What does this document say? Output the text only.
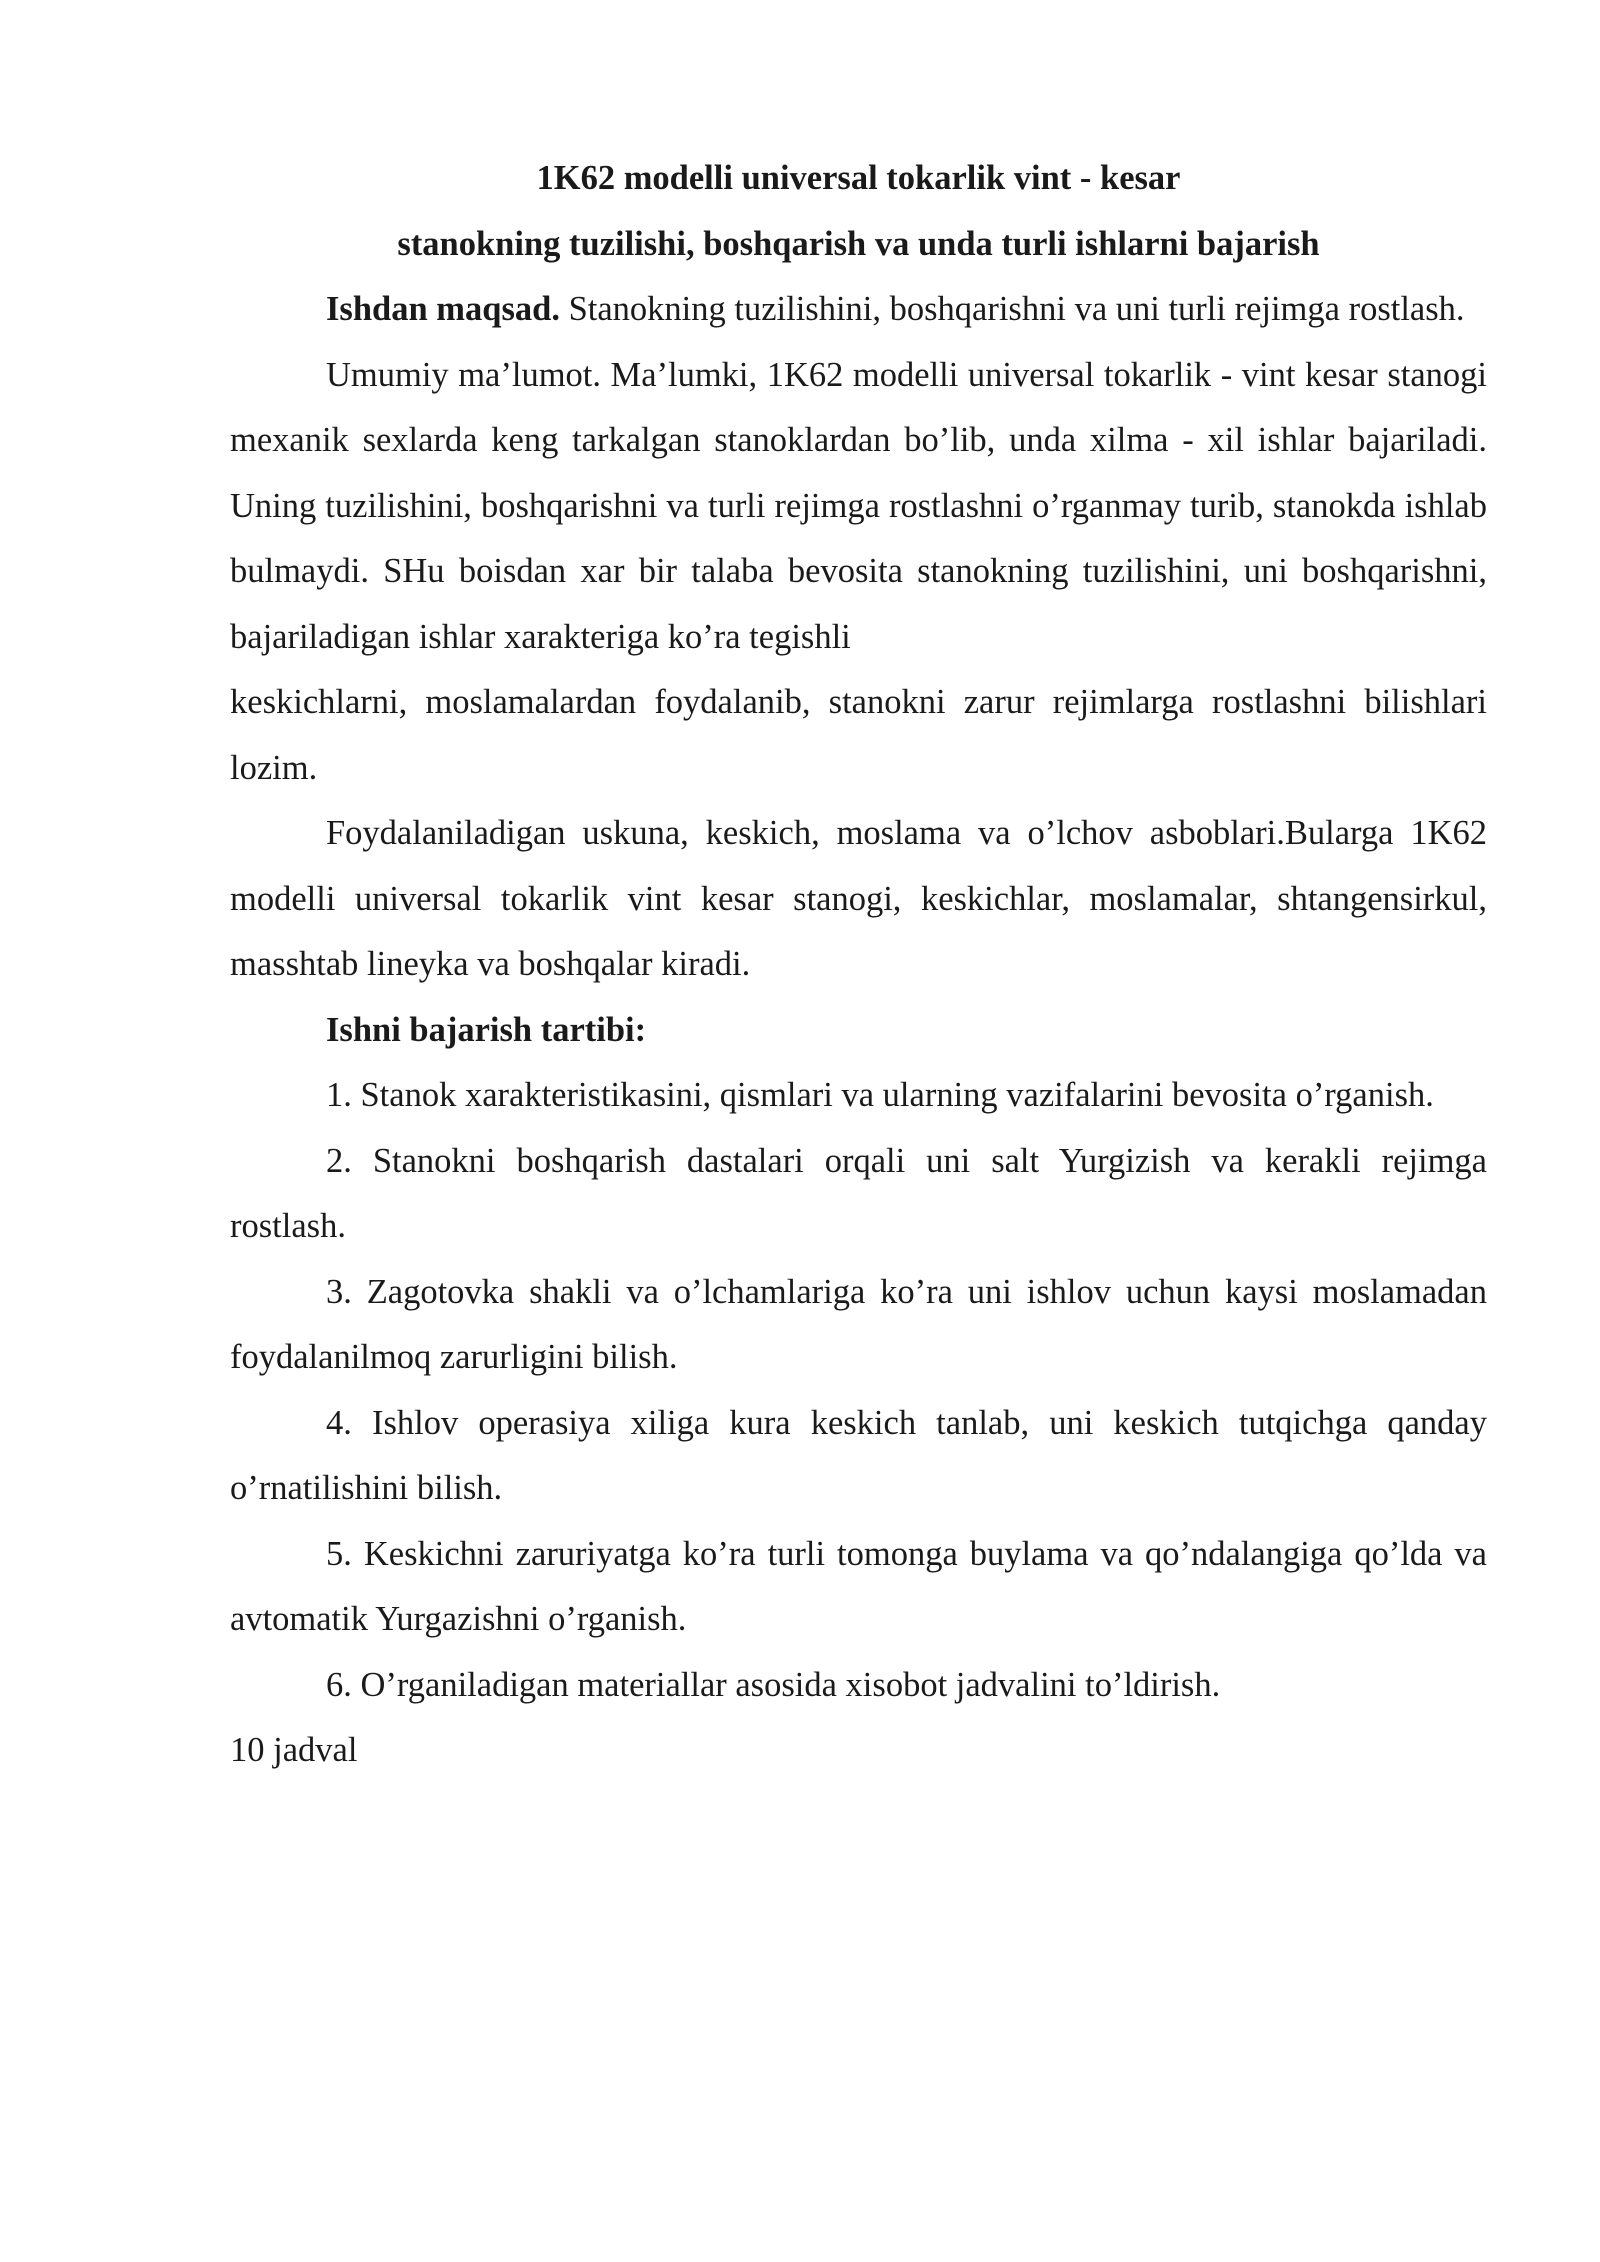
1K62 modelli universal tokarlik vint - kesar

stanokning tuzilishi, boshqarish va unda turli ishlarni bajarish

Ishdan maqsad. Stanokning tuzilishini, boshqarishni va uni turli rejimga rostlash.

Umumiy ma’lumot. Ma’lumki, 1K62 modelli universal tokarlik - vint kesar stanogi mexanik sexlarda keng tarkalgan stanoklardan bo’lib, unda xilma - xil ishlar bajariladi. Uning tuzilishini, boshqarishni va turli rejimga rostlashni o’rganmay turib, stanokda ishlab bulmaydi. SHu boisdan xar bir talaba bevosita stanokning tuzilishini, uni boshqarishni, bajariladigan ishlar xarakteriga ko’ra tegishli

keskichlarni, moslamalardan foydalanib, stanokni zarur rejimlarga rostlashni bilishlari lozim.

Foydalaniladigan uskuna, keskich, moslama va o’lchov asboblari.Bularga 1K62 modelli universal tokarlik vint kesar stanogi, keskichlar, moslamalar, shtangensirkul, masshtab lineyka va boshqalar kiradi.

Ishni bajarish tartibi:

1. Stanok xarakteristikasini, qismlari va ularning vazifalarini bevosita o’rganish.

2. Stanokni boshqarish dastalari orqali uni salt Yurgizish va kerakli rejimga rostlash.

3. Zagotovka shakli va o’lchamlariga ko’ra uni ishlov uchun kaysi moslamadan foydalanilmoq zarurligini bilish.

4. Ishlov operasiya xiliga kura keskich tanlab, uni keskich tutqichga qanday o’rnatilishini bilish.

5. Keskichni zaruriyatga ko’ra turli tomonga buylama va qo’ndalangiga qo’lda va avtomatik Yurgazishni o’rganish.

6. O’rganiladigan materiallar asosida xisobot jadvalini to’ldirish.

10 jadval
